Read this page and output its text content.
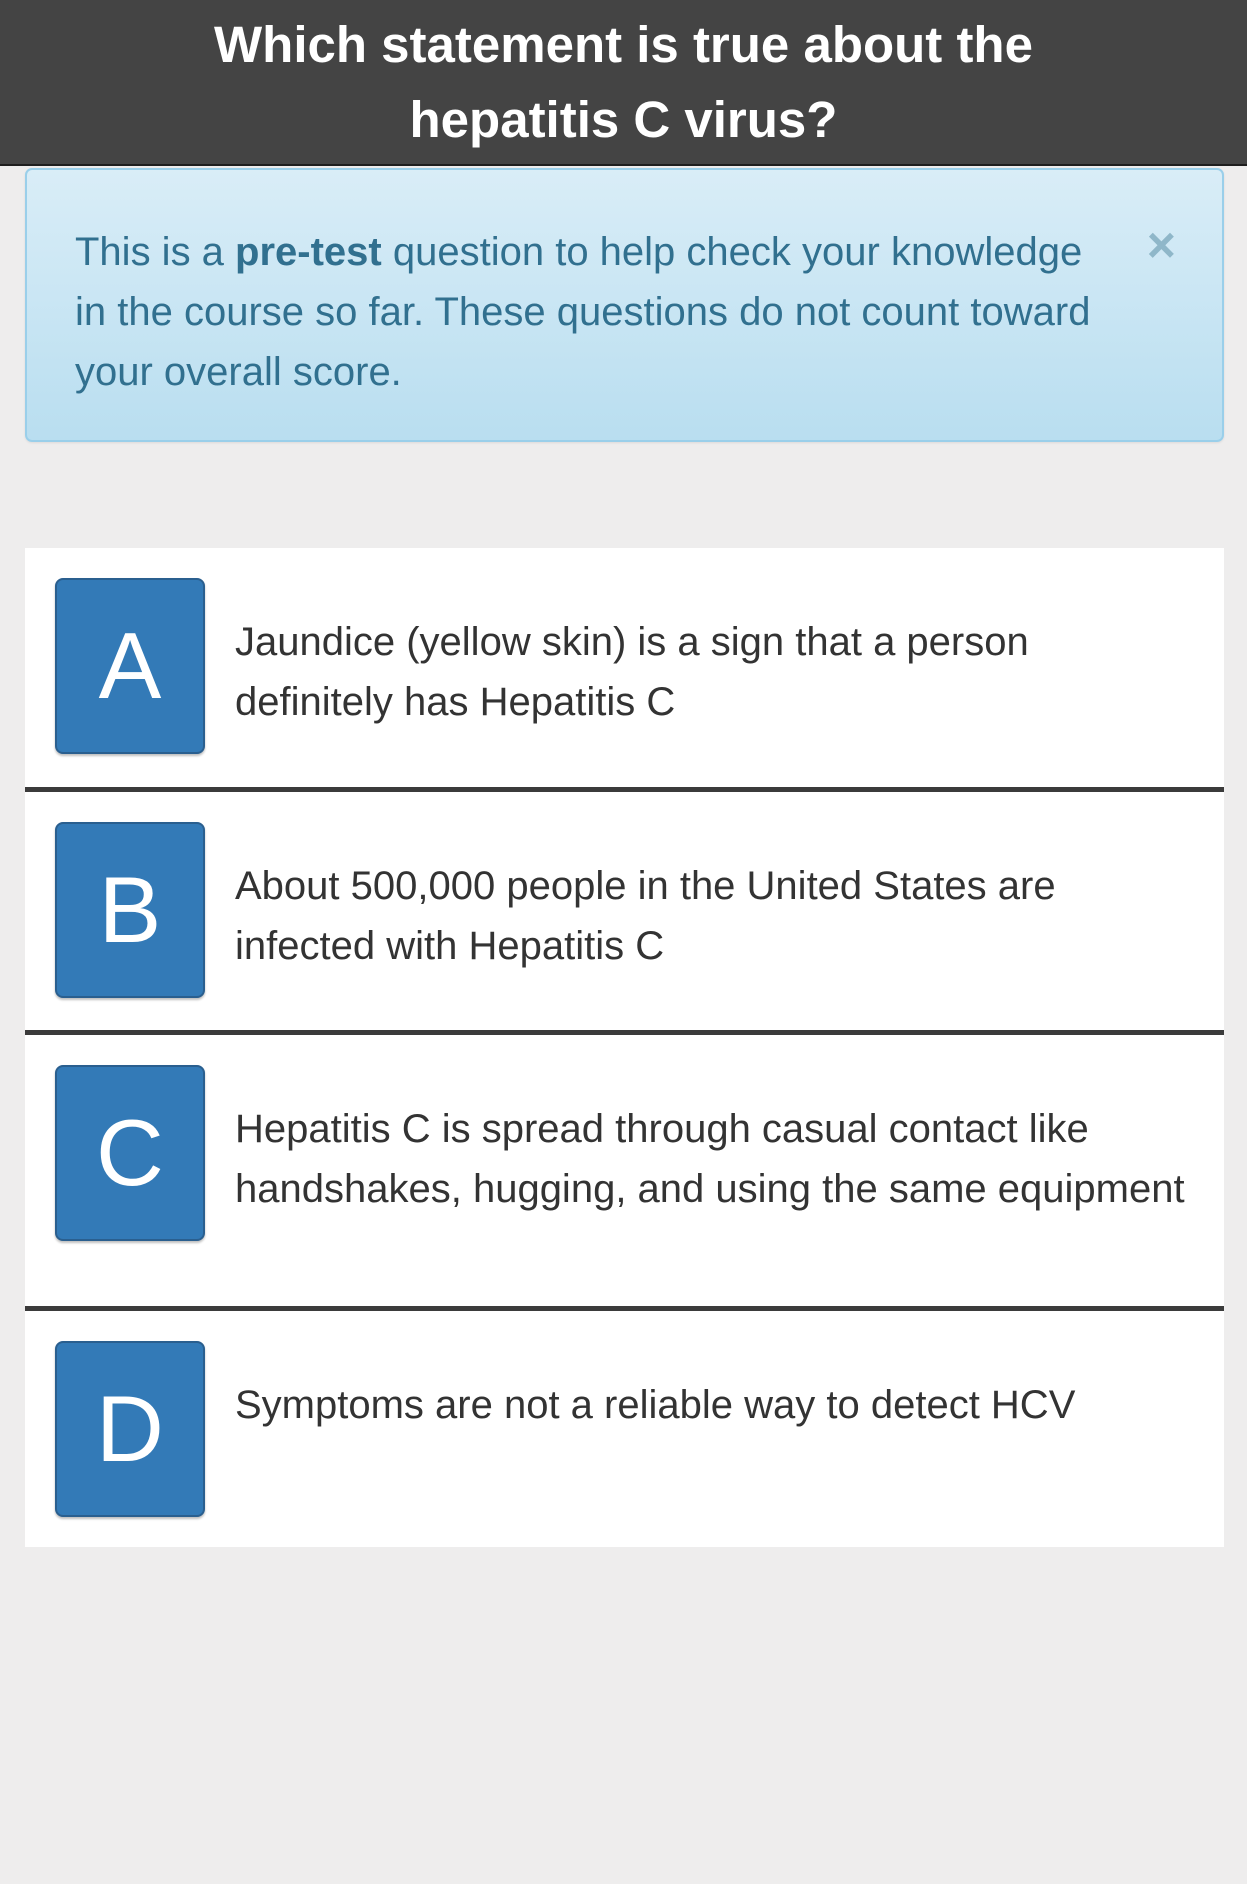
Which statement is true about the hepatitis C virus?

This is a pre-test question to help check your knowledge in the course so far. These questions do not count toward your overall score.

×
A	Jaundice (yellow skin) is a sign that a person definitely has Hepatitis C
B	About 500,000 people in the United States are infected with Hepatitis C
C	Hepatitis C is spread through casual contact like handshakes, hugging, and using the same equipment
D	Symptoms are not a reliable way to detect HCV
